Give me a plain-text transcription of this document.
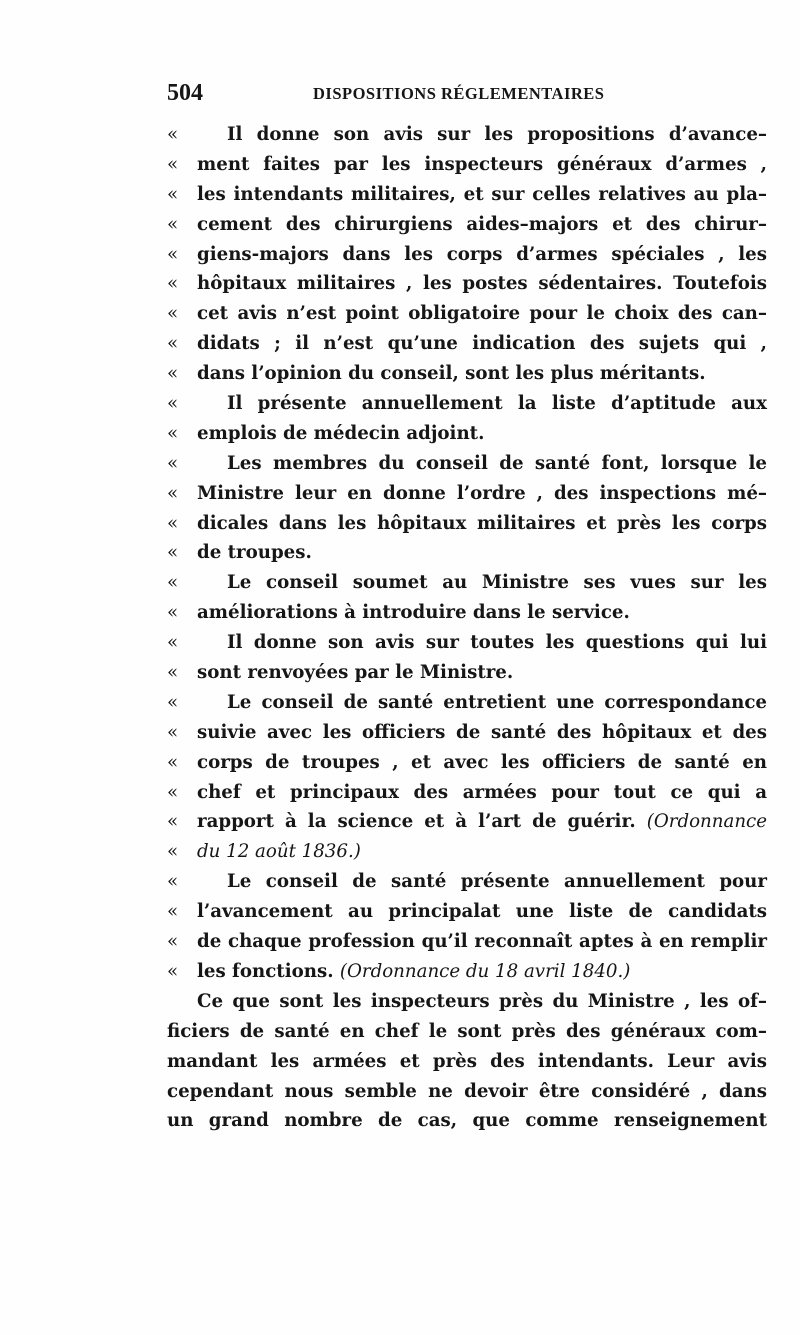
504	DISPOSITIONS RÉGLEMENTAIRES
«	Il donne son avis sur les propositions d’avance–
«	ment faites par les inspecteurs généraux d’armes ,
«	les intendants militaires, et sur celles relatives au pla–
«	cement des chirurgiens aides–majors et des chirur–
«	giens-majors dans les corps d’armes spéciales , les
«	hôpitaux militaires , les postes sédentaires. Toutefois
«	cet avis n’est point obligatoire pour le choix des can–
«	didats ; il n’est qu’une indication des sujets qui ,
«	dans l’opinion du conseil, sont les plus méritants.
«	Il présente annuellement la liste d’aptitude aux
«	emplois de médecin adjoint.
«	Les membres du conseil de santé font, lorsque le
«	Ministre leur en donne l’ordre , des inspections mé–
«	dicales dans les hôpitaux militaires et près les corps
«	de troupes.
«	Le conseil soumet au Ministre ses vues sur les
«	améliorations à introduire dans le service.
«	Il donne son avis sur toutes les questions qui lui
«	sont renvoyées par le Ministre.
«	Le conseil de santé entretient une correspondance
«	suivie avec les officiers de santé des hôpitaux et des
«	corps de troupes , et avec les officiers de santé en
«	chef et principaux des armées pour tout ce qui a
«	rapport à la science et à l’art de guérir. (Ordonnance
«	du 12 août 1836.)
«	Le conseil de santé présente annuellement pour
«	l’avancement au principalat une liste de candidats
«	de chaque profession qu’il reconnaît aptes à en remplir
«	les fonctions. (Ordonnance du 18 avril 1840.)
Ce que sont les inspecteurs près du Ministre , les of–
ficiers de santé en chef le sont près des généraux com–
mandant les armées et près des intendants. Leur avis
cependant nous semble ne devoir être considéré , dans
un grand nombre de cas, que comme renseignement
